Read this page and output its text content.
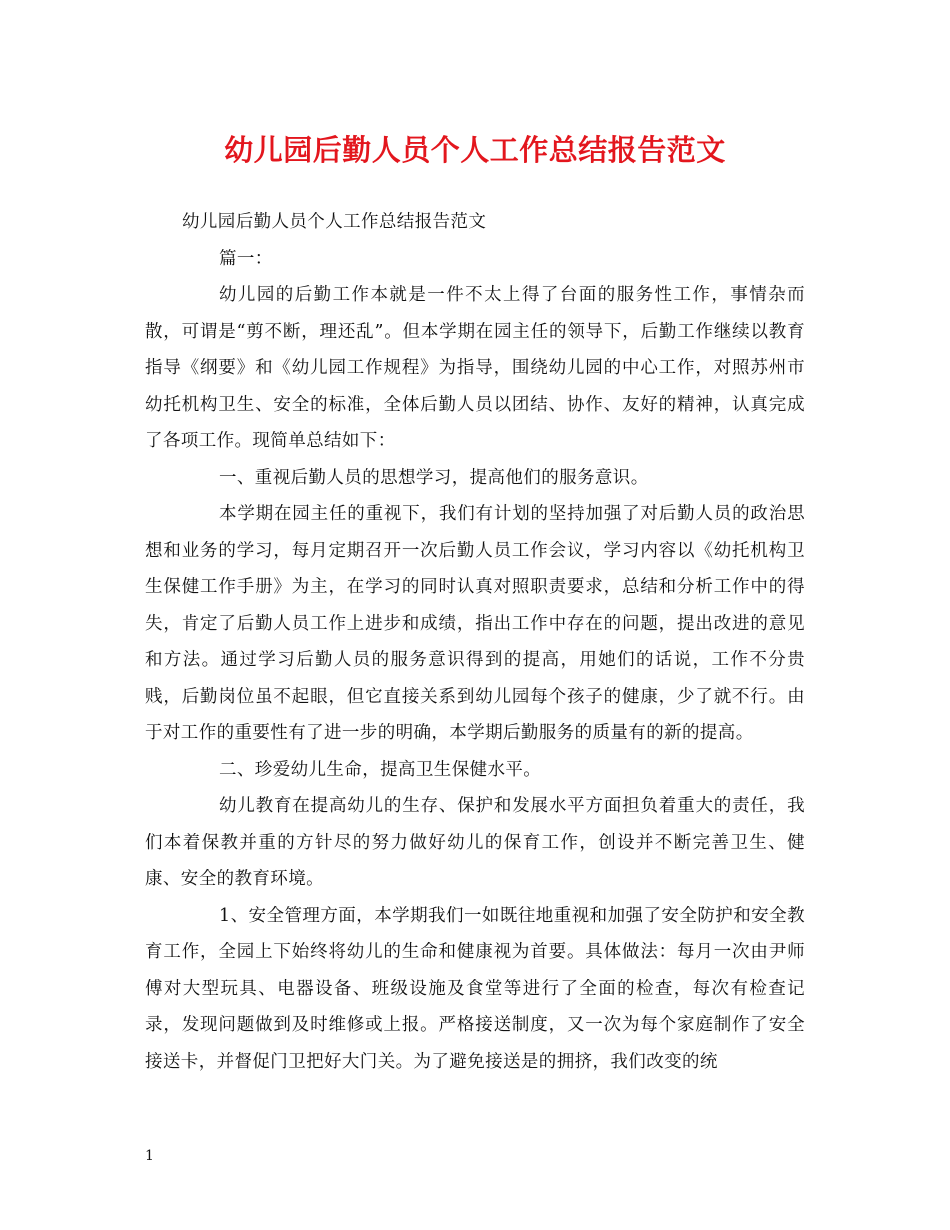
幼儿园后勤人员个人工作总结报告范文

幼儿园后勤人员个人工作总结报告范文

篇一：

幼儿园的后勤工作本就是一件不太上得了台面的服务性工作，事情杂而散，可谓是“剪不断，理还乱”。但本学期在园主任的领导下，后勤工作继续以教育指导《纲要》和《幼儿园工作规程》为指导，围绕幼儿园的中心工作，对照苏州市幼托机构卫生、安全的标准，全体后勤人员以团结、协作、友好的精神，认真完成了各项工作。现简单总结如下：

一、重视后勤人员的思想学习，提高他们的服务意识。

本学期在园主任的重视下，我们有计划的坚持加强了对后勤人员的政治思想和业务的学习，每月定期召开一次后勤人员工作会议，学习内容以《幼托机构卫生保健工作手册》为主，在学习的同时认真对照职责要求，总结和分析工作中的得失，肯定了后勤人员工作上进步和成绩，指出工作中存在的问题，提出改进的意见和方法。通过学习后勤人员的服务意识得到的提高，用她们的话说，工作不分贵贱，后勤岗位虽不起眼，但它直接关系到幼儿园每个孩子的健康，少了就不行。由于对工作的重要性有了进一步的明确，本学期后勤服务的质量有的新的提高。

二、珍爱幼儿生命，提高卫生保健水平。

幼儿教育在提高幼儿的生存、保护和发展水平方面担负着重大的责任，我们本着保教并重的方针尽的努力做好幼儿的保育工作，创设并不断完善卫生、健康、安全的教育环境。

1、安全管理方面，本学期我们一如既往地重视和加强了安全防护和安全教育工作，全园上下始终将幼儿的生命和健康视为首要。具体做法：每月一次由尹师傅对大型玩具、电器设备、班级设施及食堂等进行了全面的检查，每次有检查记录，发现问题做到及时维修或上报。严格接送制度，又一次为每个家庭制作了安全接送卡，并督促门卫把好大门关。为了避免接送是的拥挤，我们改变的统

1
